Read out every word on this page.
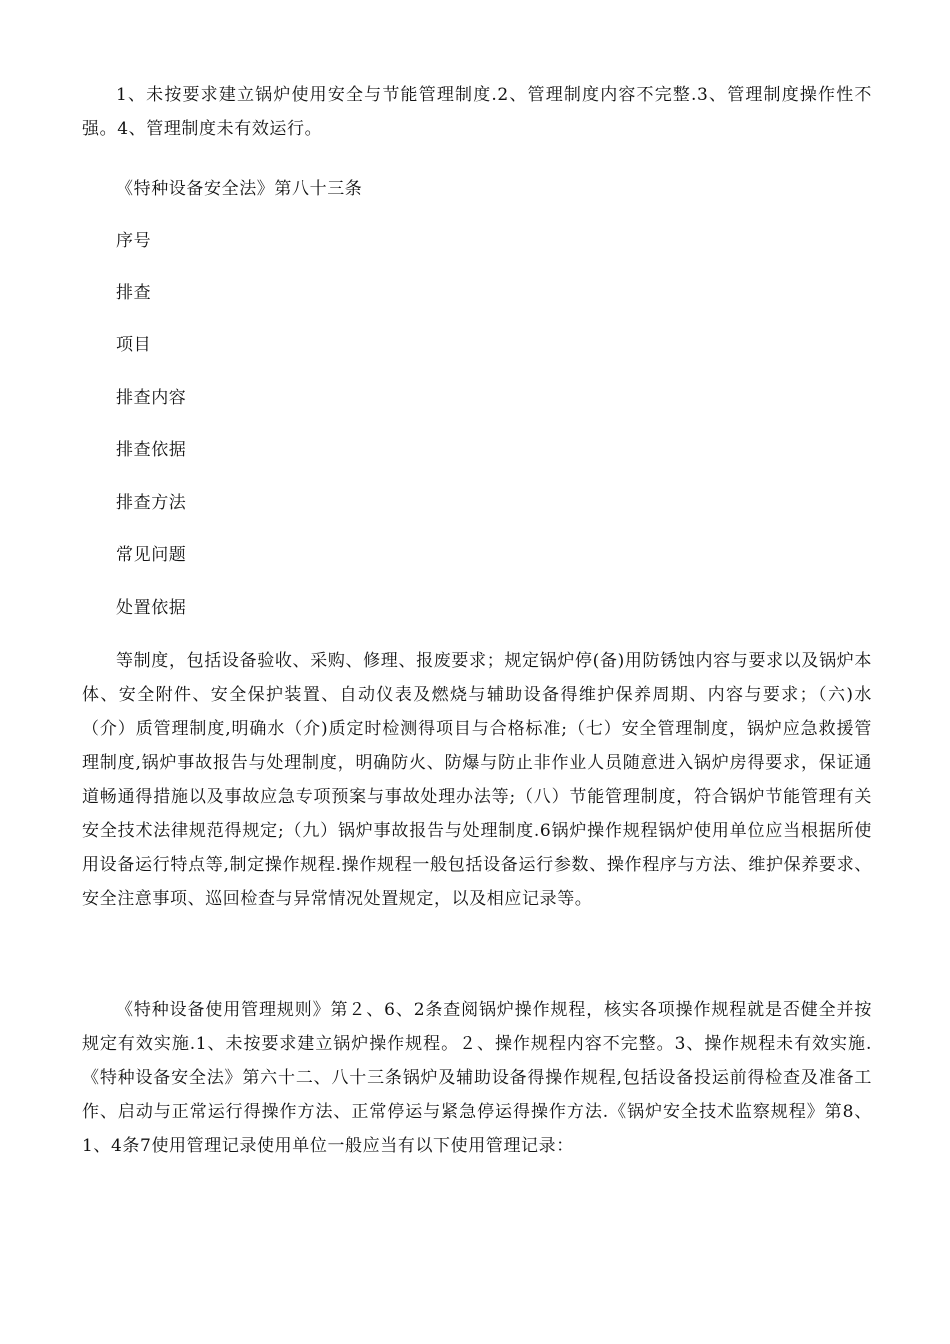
1、未按要求建立锅炉使用安全与节能管理制度.2、管理制度内容不完整.3、管理制度操作性不强。4、管理制度未有效运行。

《特种设备安全法》第八十三条

序号

排查

项目

排查内容

排查依据

排查方法

常见问题

处置依据

等制度，包括设备验收、采购、修理、报废要求；规定锅炉停(备)用防锈蚀内容与要求以及锅炉本体、安全附件、安全保护装置、自动仪表及燃烧与辅助设备得维护保养周期、内容与要求；（六)水（介）质管理制度,明确水（介)质定时检测得项目与合格标准;（七）安全管理制度，锅炉应急救援管理制度,锅炉事故报告与处理制度，明确防火、防爆与防止非作业人员随意进入锅炉房得要求，保证通道畅通得措施以及事故应急专项预案与事故处理办法等;（八）节能管理制度，符合锅炉节能管理有关安全技术法律规范得规定;（九）锅炉事故报告与处理制度.6锅炉操作规程锅炉使用单位应当根据所使用设备运行特点等,制定操作规程.操作规程一般包括设备运行参数、操作程序与方法、维护保养要求、安全注意事项、巡回检查与异常情况处置规定，以及相应记录等。

《特种设备使用管理规则》第２、6、2条查阅锅炉操作规程，核实各项操作规程就是否健全并按规定有效实施.1、未按要求建立锅炉操作规程。２、操作规程内容不完整。3、操作规程未有效实施.《特种设备安全法》第六十二、八十三条锅炉及辅助设备得操作规程,包括设备投运前得检查及准备工作、启动与正常运行得操作方法、正常停运与紧急停运得操作方法.《锅炉安全技术监察规程》第8、1、4条7使用管理记录使用单位一般应当有以下使用管理记录：
